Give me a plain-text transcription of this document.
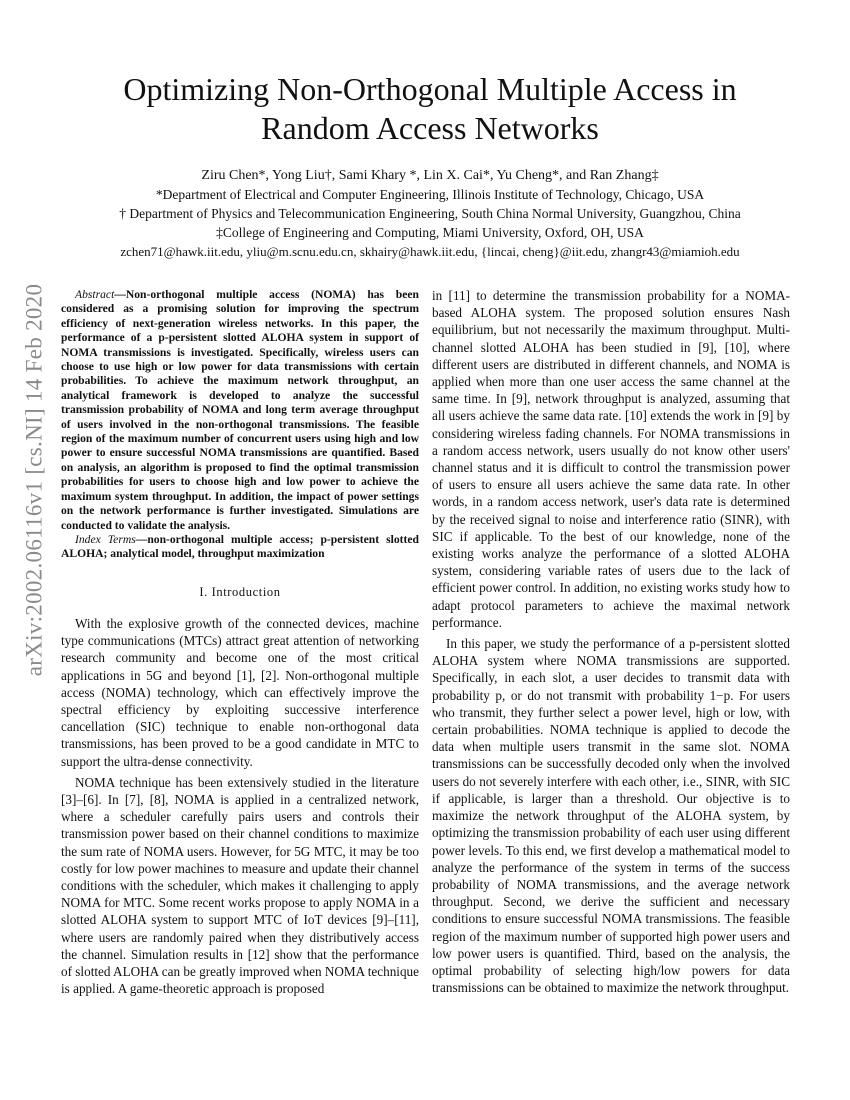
arXiv:2002.06116v1 [cs.NI] 14 Feb 2020
Optimizing Non-Orthogonal Multiple Access in
Random Access Networks
Ziru Chen*, Yong Liu†, Sami Khary *, Lin X. Cai*, Yu Cheng*, and Ran Zhang‡
*Department of Electrical and Computer Engineering, Illinois Institute of Technology, Chicago, USA
† Department of Physics and Telecommunication Engineering, South China Normal University, Guangzhou, China
‡College of Engineering and Computing, Miami University, Oxford, OH, USA
zchen71@hawk.iit.edu, yliu@m.scnu.edu.cn, skhairy@hawk.iit.edu, {lincai, cheng}@iit.edu, zhangr43@miamioh.edu

Abstract—Non-orthogonal multiple access (NOMA) has been considered as a promising solution for improving the spectrum efficiency of next-generation wireless networks. In this paper, the performance of a p-persistent slotted ALOHA system in support of NOMA transmissions is investigated. Specifically, wireless users can choose to use high or low power for data transmissions with certain probabilities. To achieve the maximum network throughput, an analytical framework is developed to analyze the successful transmission probability of NOMA and long term average throughput of users involved in the non-orthogonal transmissions. The feasible region of the maximum number of concurrent users using high and low power to ensure successful NOMA transmissions are quantified. Based on analysis, an algorithm is proposed to find the optimal transmission probabilities for users to choose high and low power to achieve the maximum system throughput. In addition, the impact of power settings on the network performance is further investigated. Simulations are conducted to validate the analysis.

Index Terms—non-orthogonal multiple access; p-persistent slotted ALOHA; analytical model, throughput maximization

I. Introduction

With the explosive growth of the connected devices, machine type communications (MTCs) attract great attention of networking research community and become one of the most critical applications in 5G and beyond [1], [2]. Non-orthogonal multiple access (NOMA) technology, which can effectively improve the spectral efficiency by exploiting successive interference cancellation (SIC) technique to enable non-orthogonal data transmissions, has been proved to be a good candidate in MTC to support the ultra-dense connectivity.

NOMA technique has been extensively studied in the literature [3]–[6]. In [7], [8], NOMA is applied in a centralized network, where a scheduler carefully pairs users and controls their transmission power based on their channel conditions to maximize the sum rate of NOMA users. However, for 5G MTC, it may be too costly for low power machines to measure and update their channel conditions with the scheduler, which makes it challenging to apply NOMA for MTC. Some recent works propose to apply NOMA in a slotted ALOHA system to support MTC of IoT devices [9]–[11], where users are randomly paired when they distributively access the channel. Simulation results in [12] show that the performance of slotted ALOHA can be greatly improved when NOMA technique is applied. A game-theoretic approach is proposed

in [11] to determine the transmission probability for a NOMA-based ALOHA system. The proposed solution ensures Nash equilibrium, but not necessarily the maximum throughput. Multi-channel slotted ALOHA has been studied in [9], [10], where different users are distributed in different channels, and NOMA is applied when more than one user access the same channel at the same time. In [9], network throughput is analyzed, assuming that all users achieve the same data rate. [10] extends the work in [9] by considering wireless fading channels. For NOMA transmissions in a random access network, users usually do not know other users' channel status and it is difficult to control the transmission power of users to ensure all users achieve the same data rate. In other words, in a random access network, user's data rate is determined by the received signal to noise and interference ratio (SINR), with SIC if applicable. To the best of our knowledge, none of the existing works analyze the performance of a slotted ALOHA system, considering variable rates of users due to the lack of efficient power control. In addition, no existing works study how to adapt protocol parameters to achieve the maximal network performance.

In this paper, we study the performance of a p-persistent slotted ALOHA system where NOMA transmissions are supported. Specifically, in each slot, a user decides to transmit data with probability p, or do not transmit with probability 1−p. For users who transmit, they further select a power level, high or low, with certain probabilities. NOMA technique is applied to decode the data when multiple users transmit in the same slot. NOMA transmissions can be successfully decoded only when the involved users do not severely interfere with each other, i.e., SINR, with SIC if applicable, is larger than a threshold. Our objective is to maximize the network throughput of the ALOHA system, by optimizing the transmission probability of each user using different power levels. To this end, we first develop a mathematical model to analyze the performance of the system in terms of the success probability of NOMA transmissions, and the average network throughput. Second, we derive the sufficient and necessary conditions to ensure successful NOMA transmissions. The feasible region of the maximum number of supported high power users and low power users is quantified. Third, based on the analysis, the optimal probability of selecting high/low powers for data transmissions can be obtained to maximize the network throughput.
